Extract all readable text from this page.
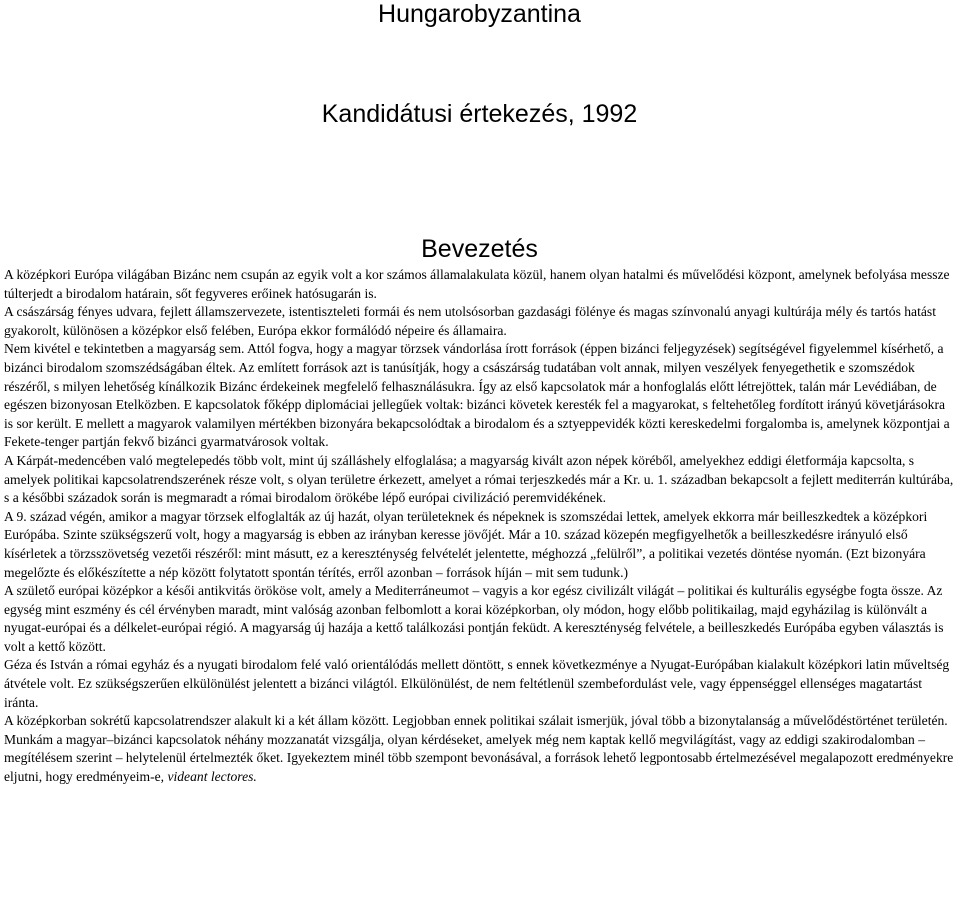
Hungarobyzantina
Kandidátusi értekezés, 1992
Bevezetés

A középkori Európa világában Bizánc nem csupán az egyik volt a kor számos államalakulata közül, hanem olyan hatalmi és művelődési központ, amelynek befolyása messze túlterjedt a birodalom határain, sőt fegyveres erőinek hatósugarán is.

A császárság fényes udvara, fejlett államszervezete, istentiszteleti formái és nem utolsósorban gazdasági fölénye és magas színvonalú anyagi kultúrája mély és tartós hatást gyakorolt, különösen a középkor első felében, Európa ekkor formálódó népeire és államaira.

Nem kivétel e tekintetben a magyarság sem. Attól fogva, hogy a magyar törzsek vándorlása írott források (éppen bizánci feljegyzések) segítségével figyelemmel kísérhető, a bizánci birodalom szomszédságában éltek. Az említett források azt is tanúsítják, hogy a császárság tudatában volt annak, milyen veszélyek fenyegethetik e szomszédok részéről, s milyen lehetőség kínálkozik Bizánc érdekeinek megfelelő felhasználásukra. Így az első kapcsolatok már a honfoglalás előtt létrejöttek, talán már Levédiában, de egészen bizonyosan Etelközben. E kapcsolatok főképp diplomáciai jellegűek voltak: bizánci követek keresték fel a magyarokat, s feltehetőleg fordított irányú követjárásokra is sor került. E mellett a magyarok valamilyen mértékben bizonyára bekapcsolódtak a birodalom és a sztyeppevidék közti kereskedelmi forgalomba is, amelynek központjai a Fekete-tenger partján fekvő bizánci gyarmatvárosok voltak.

A Kárpát-medencében való megtelepedés több volt, mint új szálláshely elfoglalása; a magyarság kivált azon népek köréből, amelyekhez eddigi életformája kapcsolta, s amelyek politikai kapcsolatrendszerének része volt, s olyan területre érkezett, amelyet a római terjeszkedés már a Kr. u. 1. században bekapcsolt a fejlett mediterrán kultúrába, s a későbbi századok során is megmaradt a római birodalom örökébe lépő európai civilizáció peremvidékének.

A 9. század végén, amikor a magyar törzsek elfoglalták az új hazát, olyan területeknek és népeknek is szomszédai lettek, amelyek ekkorra már beilleszkedtek a középkori Európába. Szinte szükségszerű volt, hogy a magyarság is ebben az irányban keresse jövőjét. Már a 10. század közepén megfigyelhetők a beilleszkedésre irányuló első kísérletek a törzsszövetség vezetői részéről: mint másutt, ez a kereszténység felvételét jelentette, méghozzá „felülről”, a politikai vezetés döntése nyomán. (Ezt bizonyára megelőzte és előkészítette a nép között folytatott spontán térítés, erről azonban – források híján – mit sem tudunk.)

A születő európai középkor a késői antikvitás örököse volt, amely a Mediterráneumot – vagyis a kor egész civilizált világát – politikai és kulturális egységbe fogta össze. Az egység mint eszmény és cél érvényben maradt, mint valóság azonban felbomlott a korai középkorban, oly módon, hogy előbb politikailag, majd egyházilag is különvált a nyugat-európai és a délkelet-európai régió. A magyarság új hazája a kettő találkozási pontján feküdt. A kereszténység felvétele, a beilleszkedés Európába egyben választás is volt a kettő között.

Géza és István a római egyház és a nyugati birodalom felé való orientálódás mellett döntött, s ennek következménye a Nyugat-Európában kialakult középkori latin műveltség átvétele volt. Ez szükségszerűen elkülönülést jelentett a bizánci világtól. Elkülönülést, de nem feltétlenül szembefordulást vele, vagy éppenséggel ellenséges magatartást iránta.

A középkorban sokrétű kapcsolatrendszer alakult ki a két állam között. Legjobban ennek politikai szálait ismerjük, jóval több a bizonytalanság a művelődéstörténet területén.

Munkám a magyar–bizánci kapcsolatok néhány mozzanatát vizsgálja, olyan kérdéseket, amelyek még nem kaptak kellő megvilágítást, vagy az eddigi szakirodalomban – megítélésem szerint – helytelenül értelmezték őket. Igyekeztem minél több szempont bevonásával, a források lehető legpontosabb értelmezésével megalapozott eredményekre eljutni, hogy eredményeim-e, videant lectores.
